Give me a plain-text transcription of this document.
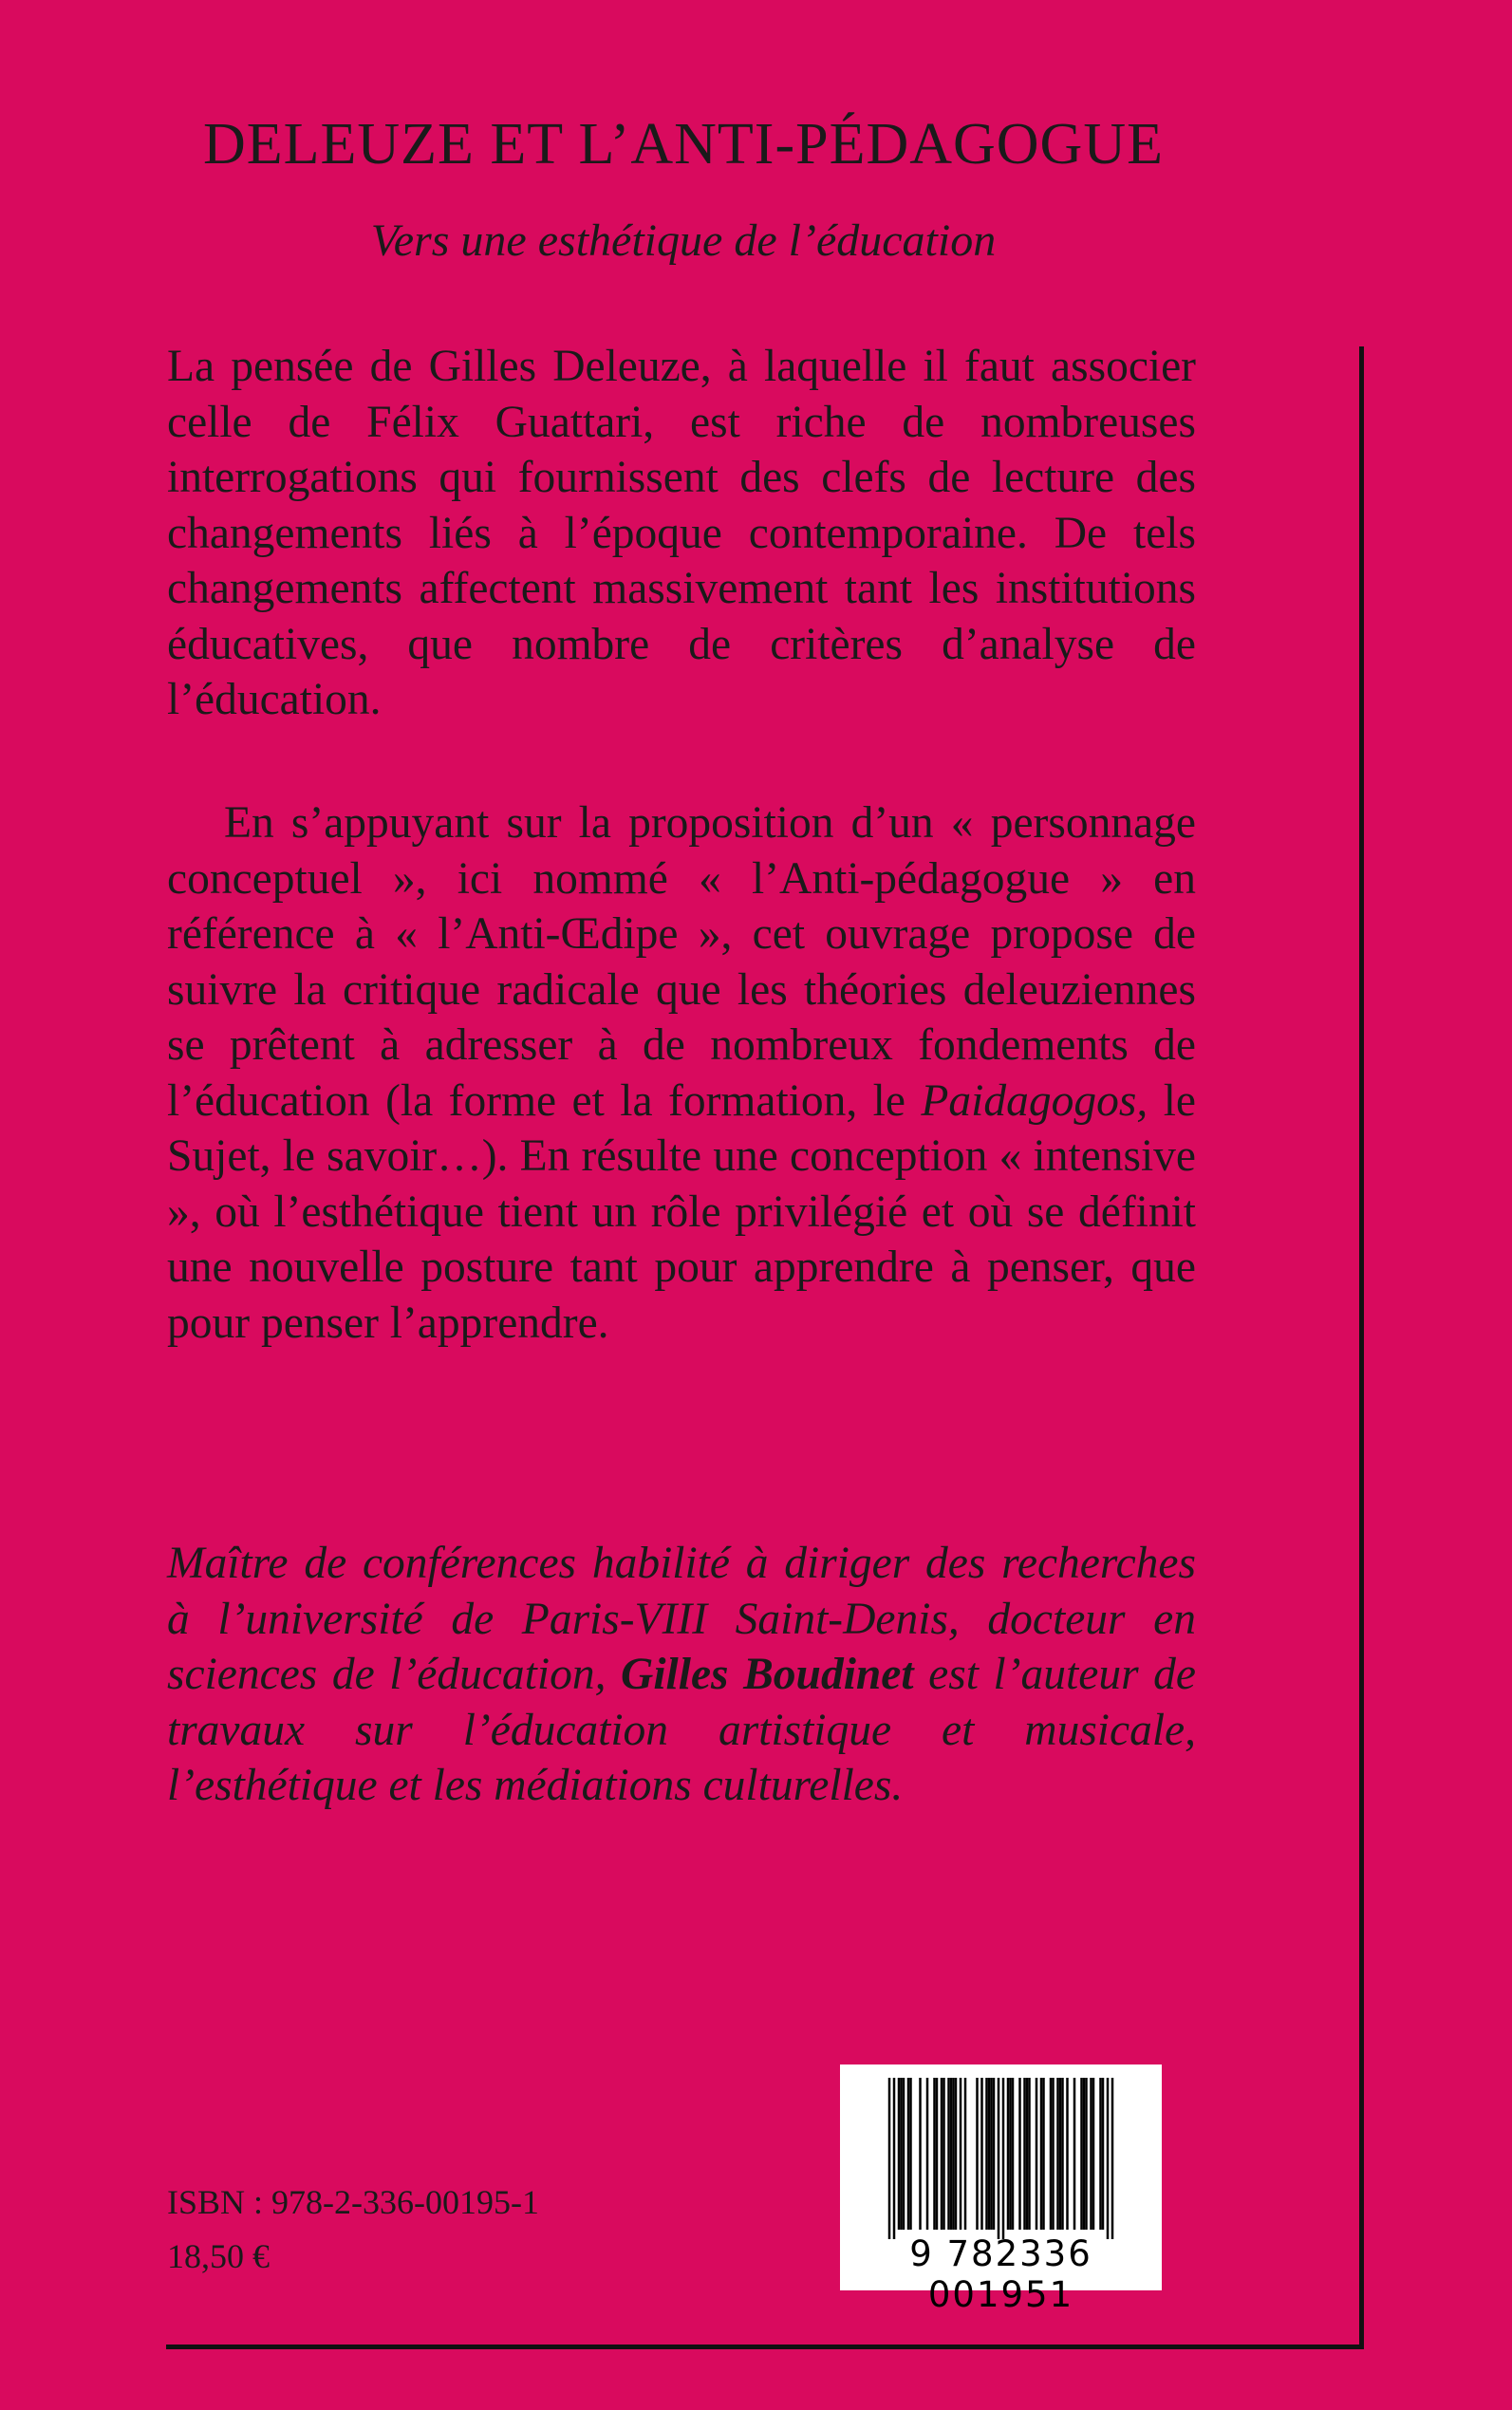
DELEUZE ET L’ANTI-PÉDAGOGUE

Vers une esthétique de l’éducation

La pensée de Gilles Deleuze, à laquelle il faut associer celle de Félix Guattari, est riche de nombreuses interrogations qui fournissent des clefs de lecture des changements liés à l’époque contemporaine. De tels changements affectent massivement tant les institutions éducatives, que nombre de critères d’analyse de l’éducation.

En s’appuyant sur la proposition d’un « personnage conceptuel », ici nommé « l’Anti-pédagogue » en référence à « l’Anti-Œdipe », cet ouvrage propose de suivre la critique radicale que les théories deleuziennes se prêtent à adresser à de nombreux fondements de l’éducation (la forme et la formation, le Paidagogos, le Sujet, le savoir…). En résulte une conception « intensive », où l’esthétique tient un rôle privilégié et où se définit une nouvelle posture tant pour apprendre à penser, que pour penser l’apprendre.

Maître de conférences habilité à diriger des recherches à l’université de Paris-VIII Saint-Denis, docteur en sciences de l’éducation, Gilles Boudinet est l’auteur de travaux sur l’éducation artistique et musicale, l’esthétique et les médiations culturelles.

ISBN : 978-2-336-00195-1

18,50 €	9 782336 001951
